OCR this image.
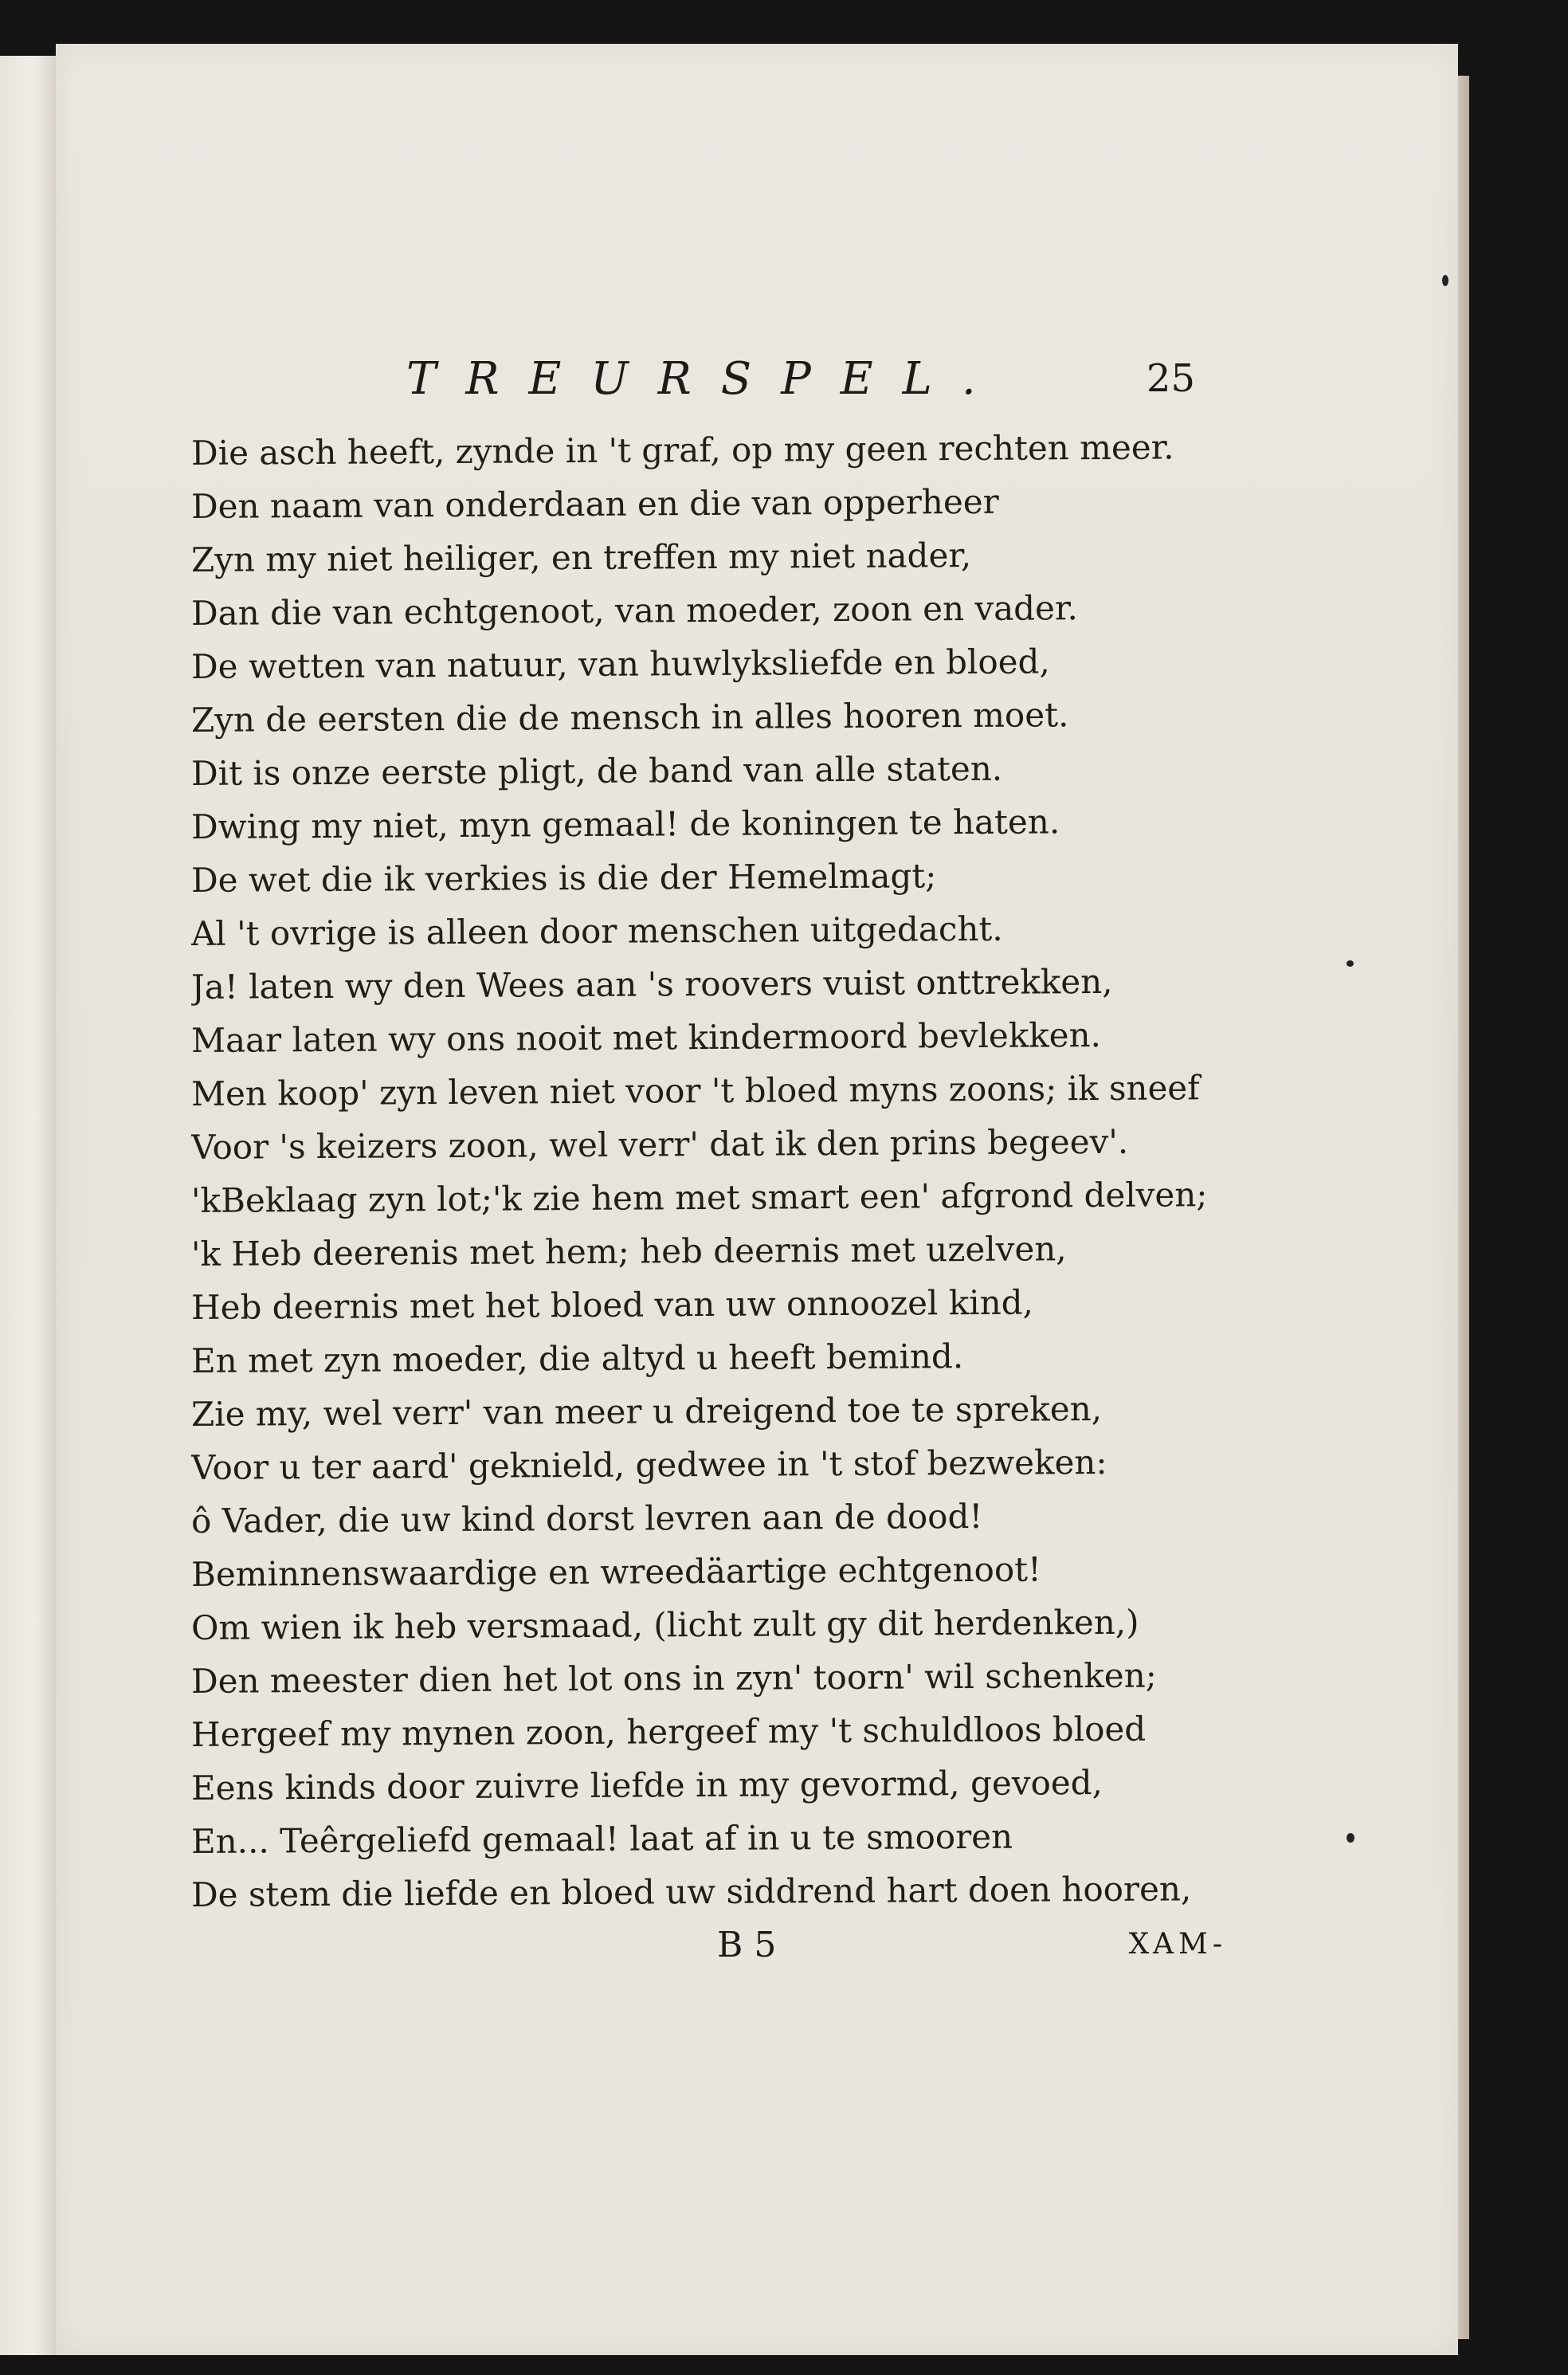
TREURSPEL.	25
Die asch heeft, zynde in 't graf, op my geen rechten meer.
Den naam van onderdaan en die van opperheer
Zyn my niet heiliger, en treffen my niet nader,
Dan die van echtgenoot, van moeder, zoon en vader.
De wetten van natuur, van huwlyksliefde en bloed,
Zyn de eersten die de mensch in alles hooren moet.
Dit is onze eerste pligt, de band van alle staten.
Dwing my niet, myn gemaal! de koningen te haten.
De wet die ik verkies is die der Hemelmagt;
Al 't ovrige is alleen door menschen uitgedacht.
Ja! laten wy den Wees aan 's roovers vuist onttrekken,
Maar laten wy ons nooit met kindermoord bevlekken.
Men koop' zyn leven niet voor 't bloed myns zoons; ik sneef
Voor 's keizers zoon, wel verr' dat ik den prins begeev'.
'kBeklaag zyn lot;'k zie hem met smart een' afgrond delven;
'k Heb deerenis met hem; heb deernis met uzelven,
Heb deernis met het bloed van uw onnoozel kind,
En met zyn moeder, die altyd u heeft bemind.
Zie my, wel verr' van meer u dreigend toe te spreken,
Voor u ter aard' geknield, gedwee in 't stof bezweken:
ô Vader, die uw kind dorst levren aan de dood!
Beminnenswaardige en wreedäartige echtgenoot!
Om wien ik heb versmaad, (licht zult gy dit herdenken,)
Den meester dien het lot ons in zyn' toorn' wil schenken;
Hergeef my mynen zoon, hergeef my 't schuldloos bloed
Eens kinds door zuivre liefde in my gevormd, gevoed,
En... Teêrgeliefd gemaal! laat af in u te smooren
De stem die liefde en bloed uw siddrend hart doen hooren,
B 5	XAM-
